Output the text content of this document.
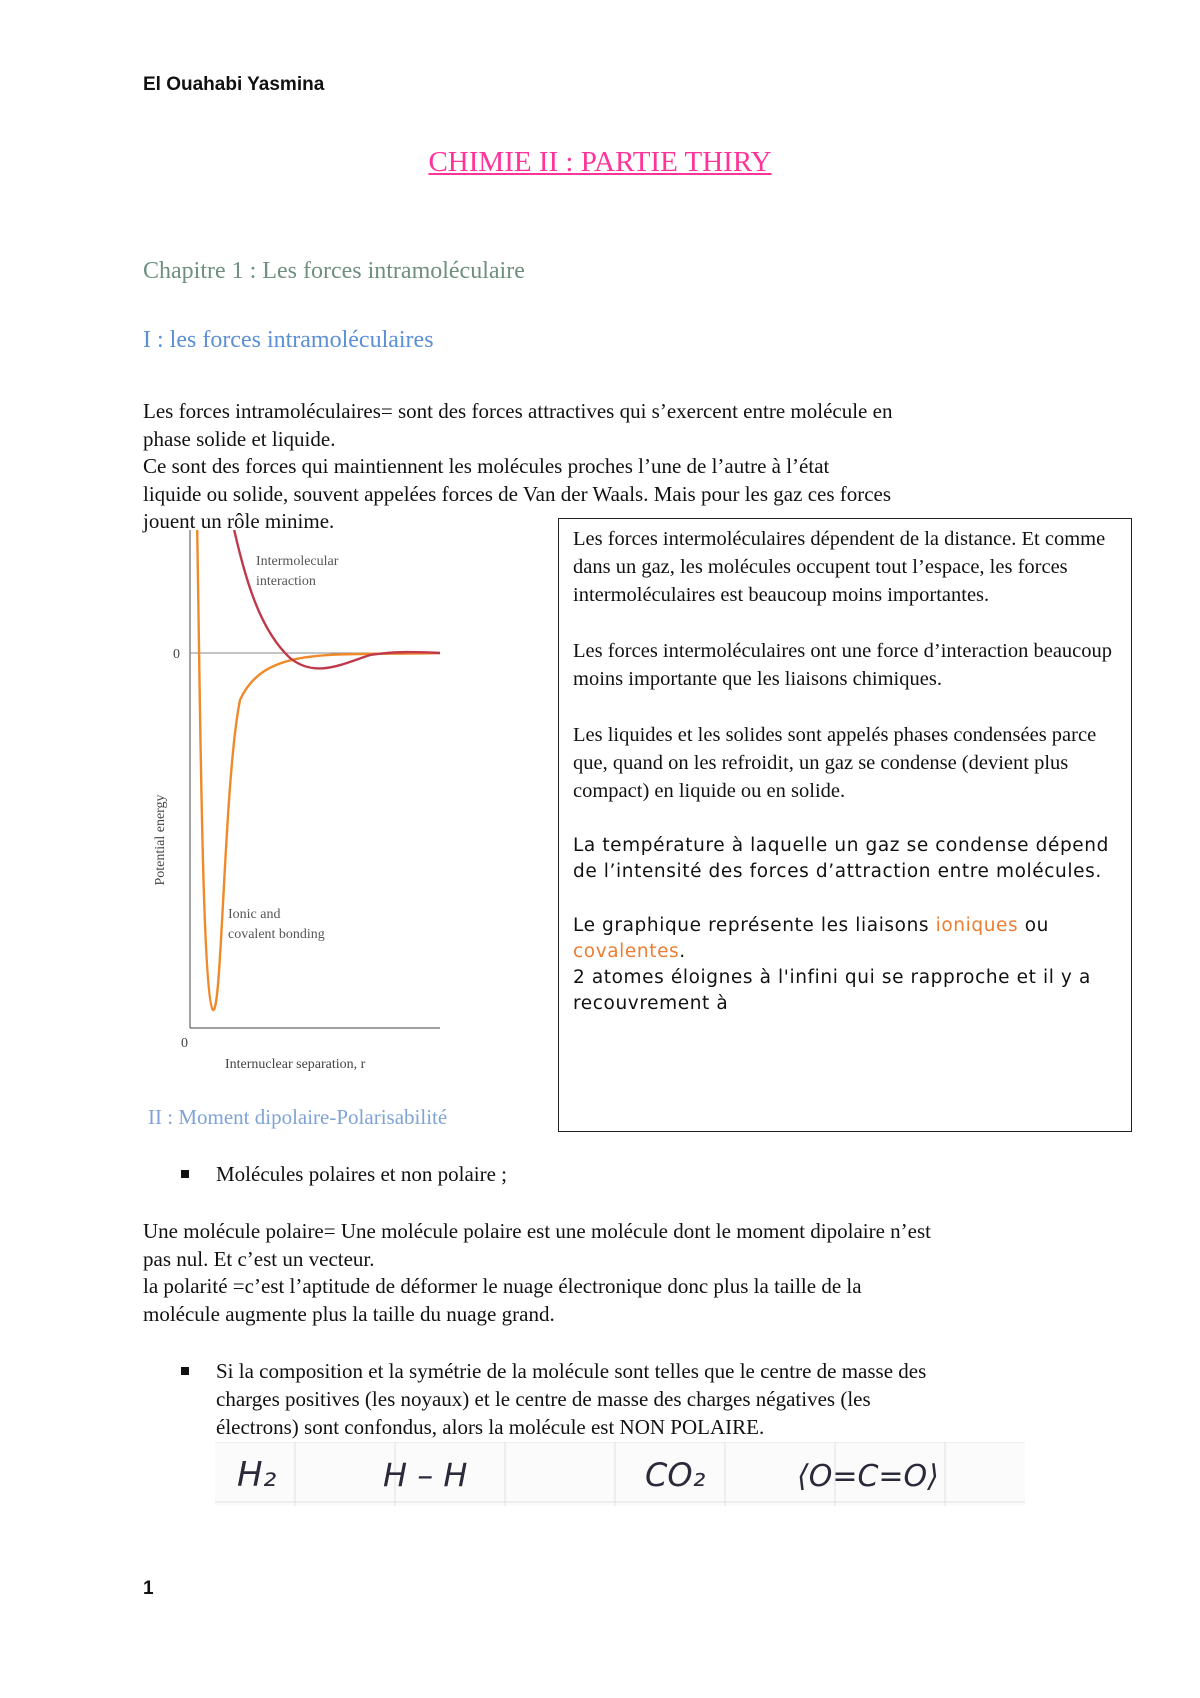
El Ouahabi Yasmina
CHIMIE II : PARTIE THIRY
Chapitre 1 : Les forces intramoléculaire
I : les forces intramoléculaires
Les forces intramoléculaires= sont des forces attractives qui s’exercent entre molécule en
phase solide et liquide.
Ce sont des forces qui maintiennent les molécules proches l’une de l’autre à l’état
liquide ou solide, souvent appelées forces de Van der Waals. Mais pour les gaz ces forces
jouent un rôle minime.
0
0
Potential energy
Internuclear separation, r
Intermolecular
interaction
Ionic and
covalent bonding

Les forces intermoléculaires dépendent de la distance. Et comme dans un gaz, les molécules occupent tout l’espace, les forces intermoléculaires est beaucoup moins importantes.

Les forces intermoléculaires ont une force d’interaction beaucoup moins importante que les liaisons chimiques.

Les liquides et les solides sont appelés phases condensées parce que, quand on les refroidit, un gaz se condense (devient plus compact) en liquide ou en solide.

La température à laquelle un gaz se condense dépend de l’intensité des forces d’attraction entre molécules.

Le graphique représente les liaisons ioniques ou
covalentes.

2 atomes éloignes à l'infini qui se rapproche et il y a recouvrement à

II : Moment dipolaire-Polarisabilité
Molécules polaires et non polaire ;
Une molécule polaire= Une molécule polaire est une molécule dont le moment dipolaire n’est
pas nul. Et c’est un vecteur.
la polarité =c’est l’aptitude de déformer le nuage électronique donc plus la taille de la
molécule augmente plus la taille du nuage grand.
Si la composition et la symétrie de la molécule sont telles que le centre de masse des
charges positives (les noyaux) et le centre de masse des charges négatives (les
électrons) sont confondus, alors la molécule est NON POLAIRE.
H₂	H – H	CO₂	⟨O=C=O⟩
1
